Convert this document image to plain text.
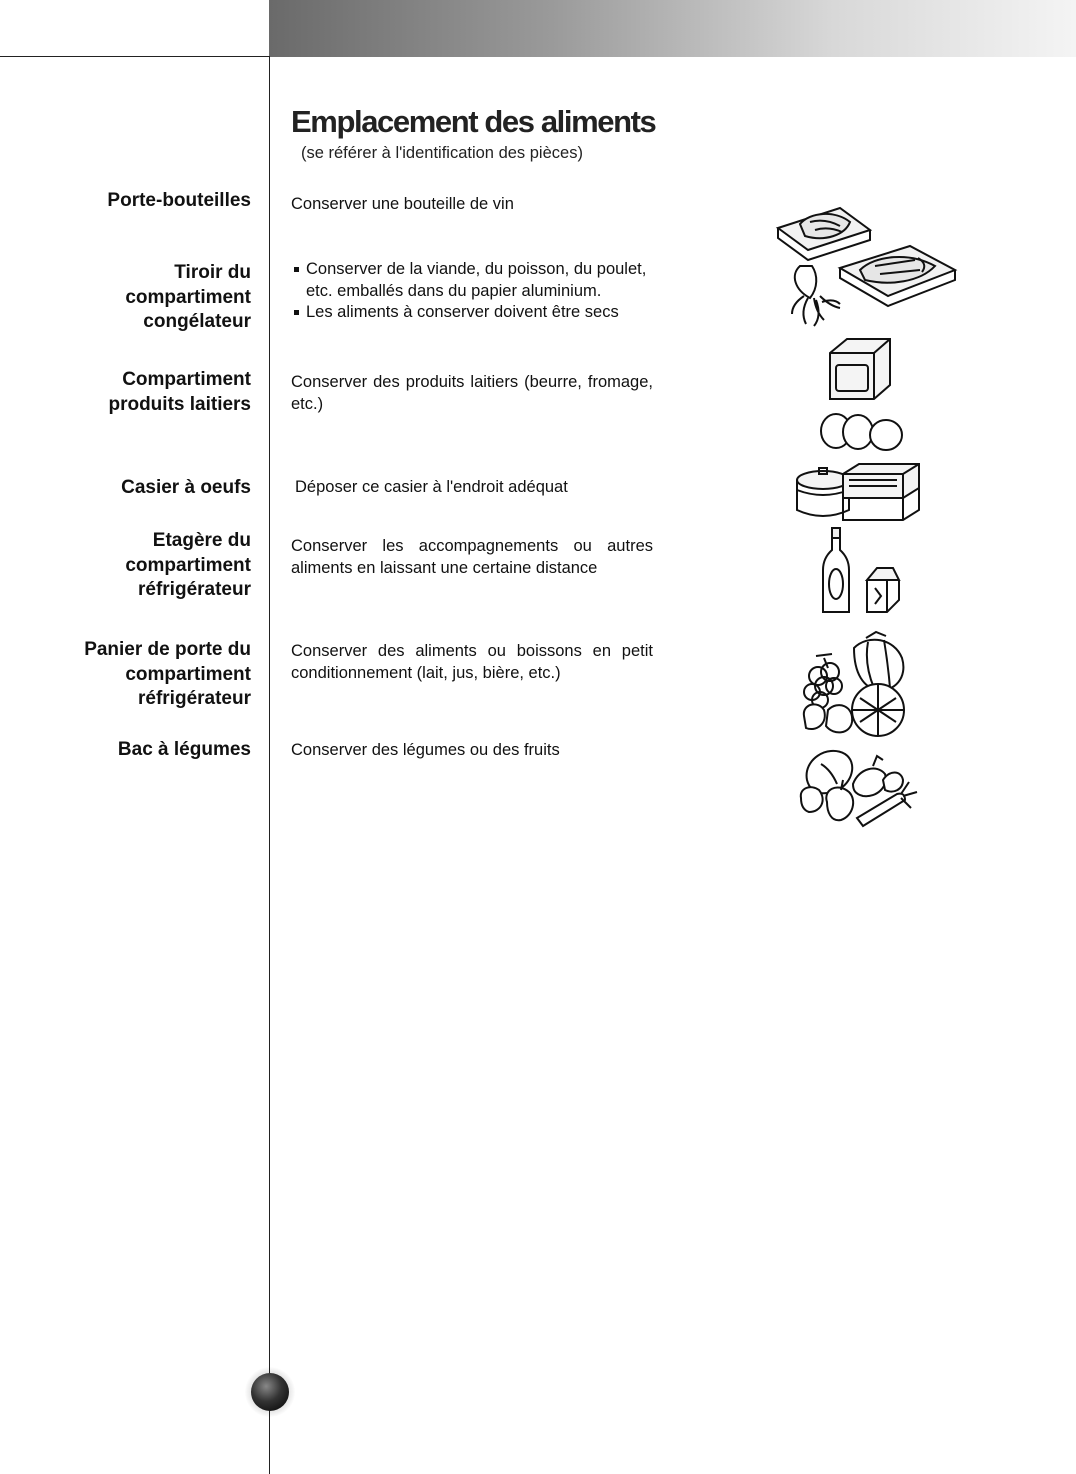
Emplacement des aliments
(se référer à l'identification des pièces)
Porte-bouteilles
Tiroir du compartiment congélateur
Compartiment produits laitiers
Casier à oeufs
Etagère du compartiment réfrigérateur
Panier de porte du compartiment réfrigérateur
Bac à légumes
Conserver une bouteille de vin
Conserver de la viande, du poisson, du poulet, etc. emballés dans du papier aluminium.
Les aliments à conserver doivent être secs
Conserver des produits laitiers (beurre, fromage, etc.)
Déposer ce casier à l'endroit adéquat
Conserver les accompagnements ou autres aliments en laissant une certaine distance
Conserver des aliments ou boissons en petit conditionnement (lait, jus, bière, etc.)
Conserver des légumes ou des fruits
